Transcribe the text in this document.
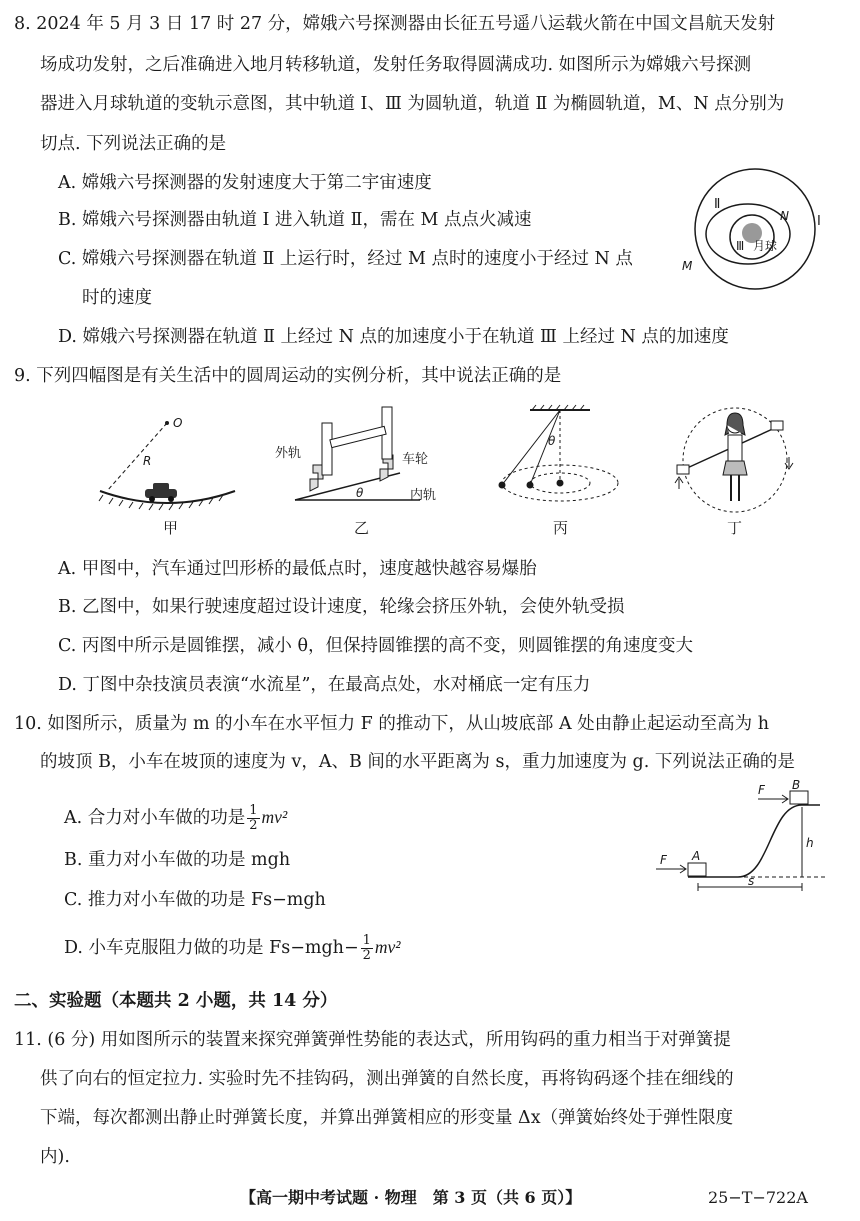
8. 2024 年 5 月 3 日 17 时 27 分，嫦娥六号探测器由长征五号遥八运载火箭在中国文昌航天发射
场成功发射，之后准确进入地月转移轨道，发射任务取得圆满成功. 如图所示为嫦娥六号探测
器进入月球轨道的变轨示意图，其中轨道 Ⅰ、Ⅲ 为圆轨道，轨道 Ⅱ 为椭圆轨道，M、N 点分别为
切点. 下列说法正确的是
A. 嫦娥六号探测器的发射速度大于第二宇宙速度
B. 嫦娥六号探测器由轨道 Ⅰ 进入轨道 Ⅱ，需在 M 点点火减速
C. 嫦娥六号探测器在轨道 Ⅱ 上运行时，经过 M 点时的速度小于经过 N 点
时的速度
D. 嫦娥六号探测器在轨道 Ⅱ 上经过 N 点的加速度小于在轨道 Ⅲ 上经过 N 点的加速度
Ⅱ
Ⅰ
Ⅲ 月球
N
M
9. 下列四幅图是有关生活中的圆周运动的实例分析，其中说法正确的是
O
R
甲
外轨	车轮
内轨
θ
乙
θ
丙	丁
A. 甲图中，汽车通过凹形桥的最低点时，速度越快越容易爆胎
B. 乙图中，如果行驶速度超过设计速度，轮缘会挤压外轨，会使外轨受损
C. 丙图中所示是圆锥摆，减小 θ，但保持圆锥摆的高不变，则圆锥摆的角速度变大
D. 丁图中杂技演员表演“水流星”，在最高点处，水对桶底一定有压力
10. 如图所示，质量为 m 的小车在水平恒力 F 的推动下，从山坡底部 A 处由静止起运动至高为 h
的坡顶 B，小车在坡顶的速度为 v，A、B 间的水平距离为 s，重力加速度为 g. 下列说法正确的是
A. 合力对小车做的功是 $\frac{1}{2} mv^2$
B. 重力对小车做的功是 mgh
C. 推力对小车做的功是 Fs−mgh
D. 小车克服阻力做的功是 $Fs-mgh- \frac{1}{2} mv^2$
F
F
A
B
h
s
二、实验题（本题共 2 小题，共 14 分）
11. (6 分) 用如图所示的装置来探究弹簧弹性势能的表达式，所用钩码的重力相当于对弹簧提
供了向右的恒定拉力. 实验时先不挂钩码，测出弹簧的自然长度，再将钩码逐个挂在细线的
下端，每次都测出静止时弹簧长度，并算出弹簧相应的形变量 Δx（弹簧始终处于弹性限度
内).
【高一期中考试题 · 物理　第 3 页（共 6 页）】	25−T−722A
